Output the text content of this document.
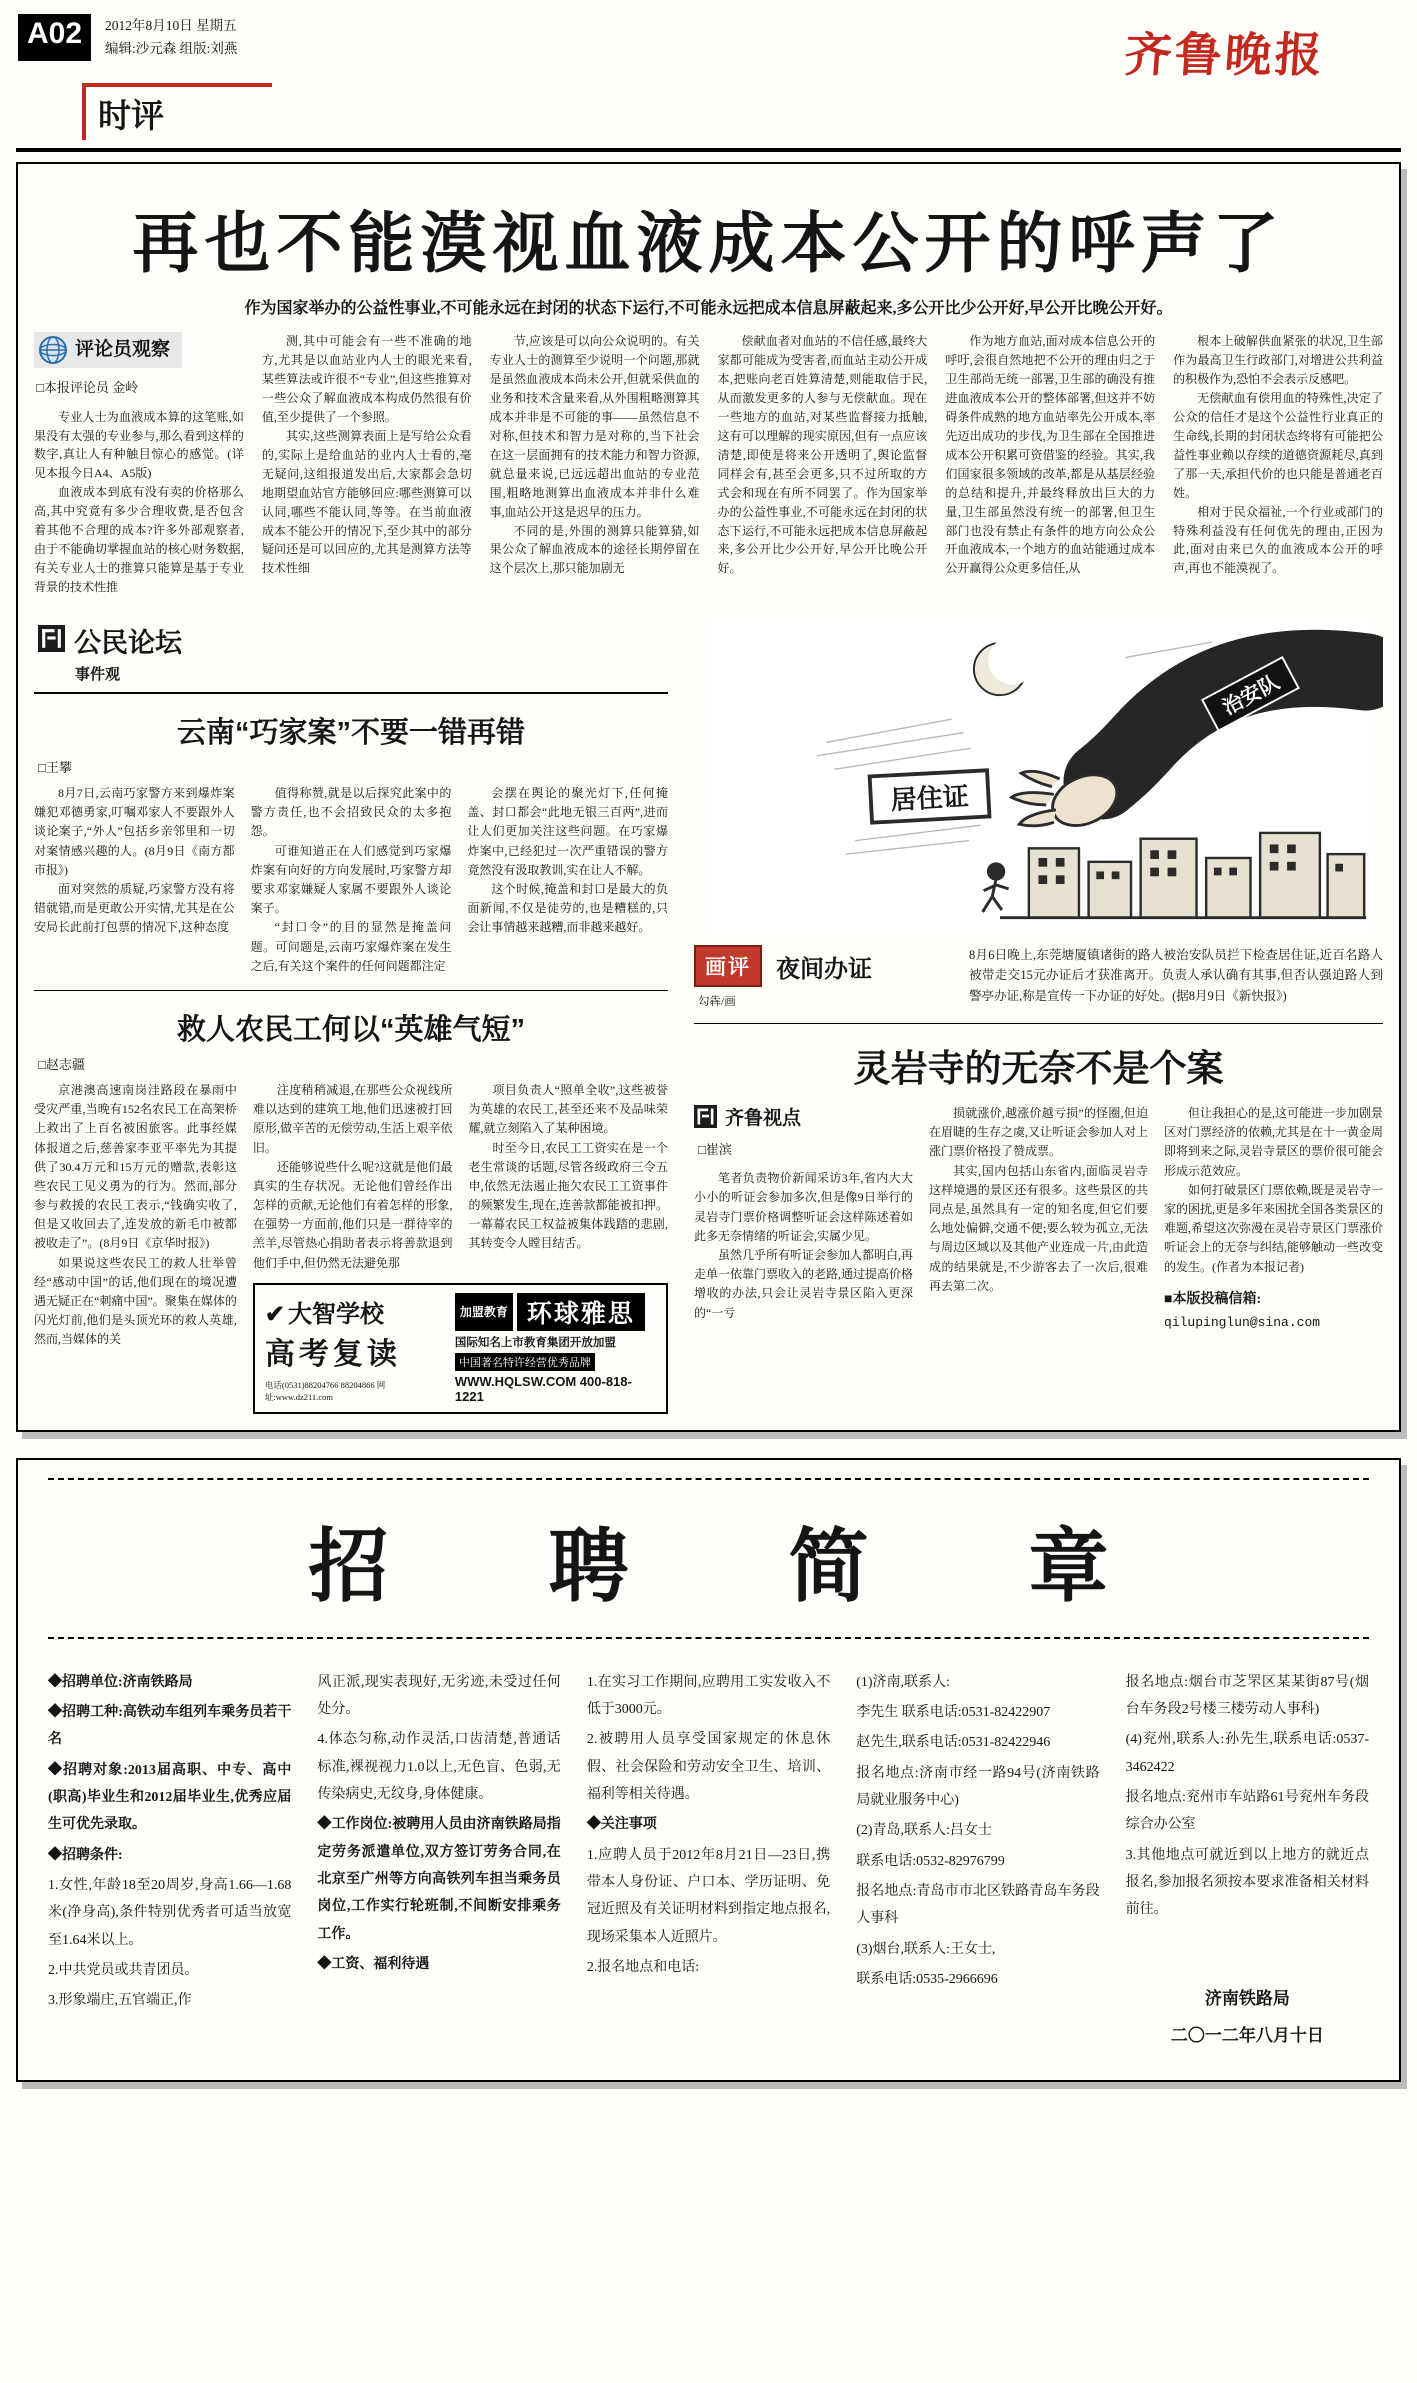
A02	2012年8月10日 星期五
编辑:沙元森 组版:刘燕	齐鲁晚报
时评
再也不能漠视血液成本公开的呼声了

作为国家举办的公益性事业,不可能永远在封闭的状态下运行,不可能永远把成本信息屏蔽起来,多公开比少公开好,早公开比晚公开好。

评论员观察
□本报评论员 金岭

专业人士为血液成本算的这笔账,如果没有太强的专业参与,那么看到这样的数字,真让人有种触目惊心的感觉。(详见本报今日A4、A5版)

血液成本到底有没有卖的价格那么高,其中究竟有多少合理收费,是否包含着其他不合理的成本?许多外部观察者,由于不能确切掌握血站的核心财务数据,有关专业人士的推算只能算是基于专业背景的技术性推

测,其中可能会有一些不准确的地方,尤其是以血站业内人士的眼光来看,某些算法或许很不“专业”,但这些推算对一些公众了解血液成本构成仍然很有价值,至少提供了一个参照。

其实,这些测算表面上是写给公众看的,实际上是给血站的业内人士看的,毫无疑问,这组报道发出后,大家都会急切地期望血站官方能够回应:哪些测算可以认同,哪些不能认同,等等。在当前血液成本不能公开的情况下,至少其中的部分疑问还是可以回应的,尤其是测算方法等技术性细

节,应该是可以向公众说明的。有关专业人士的测算至少说明一个问题,那就是虽然血液成本尚未公开,但就采供血的业务和技术含量来看,从外围粗略测算其成本并非是不可能的事——虽然信息不对称,但技术和智力是对称的,当下社会在这一层面拥有的技术能力和智力资源,就总量来说,已远远超出血站的专业范围,粗略地测算出血液成本并非什么难事,血站公开这是迟早的压力。

不同的是,外围的测算只能算猜,如果公众了解血液成本的途径长期停留在这个层次上,那只能加剧无

偿献血者对血站的不信任感,最终大家都可能成为受害者,而血站主动公开成本,把账向老百姓算清楚,则能取信于民,从而激发更多的人参与无偿献血。现在一些地方的血站,对某些监督接力抵触,这有可以理解的现实原因,但有一点应该清楚,即使是将来公开透明了,舆论监督同样会有,甚至会更多,只不过所取的方式会和现在有所不同罢了。作为国家举办的公益性事业,不可能永远在封闭的状态下运行,不可能永远把成本信息屏蔽起来,多公开比少公开好,早公开比晚公开好。

作为地方血站,面对成本信息公开的呼吁,会很自然地把不公开的理由归之于卫生部尚无统一部署,卫生部的确没有推进血液成本公开的整体部署,但这并不妨碍条件成熟的地方血站率先公开成本,率先迈出成功的步伐,为卫生部在全国推进成本公开积累可资借鉴的经验。其实,我们国家很多领域的改革,都是从基层经验的总结和提升,并最终释放出巨大的力量,卫生部虽然没有统一的部署,但卫生部门也没有禁止有条件的地方向公众公开血液成本,一个地方的血站能通过成本公开赢得公众更多信任,从

根本上破解供血紧张的状况,卫生部作为最高卫生行政部门,对增进公共利益的积极作为,恐怕不会表示反感吧。

无偿献血有偿用血的特殊性,决定了公众的信任才是这个公益性行业真正的生命线,长期的封闭状态终将有可能把公益性事业赖以存续的道德资源耗尽,真到了那一天,承担代价的也只能是普通老百姓。

相对于民众福祉,一个行业或部门的特殊利益没有任何优先的理由,正因为此,面对由来已久的血液成本公开的呼声,再也不能漠视了。

公民论坛
事件观
云南“巧家案”不要一错再错
□王攀

8月7日,云南巧家警方来到爆炸案嫌犯邓德勇家,叮嘱邓家人不要跟外人谈论案子,“外人”包括乡亲邻里和一切对案情感兴趣的人。(8月9日《南方都市报》)

面对突然的质疑,巧家警方没有将错就错,而是更敢公开实情,尤其是在公安局长此前打包票的情况下,这种态度

值得称赞,就是以后探究此案中的警方责任,也不会招致民众的太多抱怨。

可谁知道正在人们感觉到巧家爆炸案有向好的方向发展时,巧家警方却要求邓家嫌疑人家属不要跟外人谈论案子。

“封口令”的目的显然是掩盖问题。可问题是,云南巧家爆炸案在发生之后,有关这个案件的任何问题都注定

会摆在舆论的聚光灯下,任何掩盖、封口都会“此地无银三百两”,进而让人们更加关注这些问题。在巧家爆炸案中,已经犯过一次严重错误的警方竟然没有汲取教训,实在让人不解。

这个时候,掩盖和封口是最大的负面新闻,不仅是徒劳的,也是糟糕的,只会让事情越来越糟,而非越来越好。

救人农民工何以“英雄气短”
□赵志疆

京港澳高速南岗洼路段在暴雨中受灾严重,当晚有152名农民工在高架桥上救出了上百名被困旅客。此事经媒体报道之后,慈善家李亚平率先为其提供了30.4万元和15万元的赠款,表彰这些农民工见义勇为的行为。然而,部分参与救援的农民工表示,“钱确实收了,但是又收回去了,连发放的新毛巾被都被收走了”。(8月9日《京华时报》)

如果说这些农民工的救人壮举曾经“感动中国”的话,他们现在的境况遭遇无疑正在“刺痛中国”。聚集在媒体的闪光灯前,他们是头顶光环的救人英雄,然而,当媒体的关

注度稍稍减退,在那些公众视线所难以达到的建筑工地,他们迅速被打回原形,做辛苦的无偿劳动,生活上艰辛依旧。

还能够说些什么呢?这就是他们最真实的生存状况。无论他们曾经作出怎样的贡献,无论他们有着怎样的形象,在强势一方面前,他们只是一群待宰的羔羊,尽管热心捐助者表示将善款退到他们手中,但仍然无法避免那

项目负责人“照单全收”,这些被誉为英雄的农民工,甚至还来不及品味荣耀,就立刻陷入了某种困境。

时至今日,农民工工资实在是一个老生常谈的话题,尽管各级政府三令五申,依然无法遏止拖欠农民工工资事件的频繁发生,现在,连善款都能被扣押。一幕幕农民工权益被集体践踏的悲剧,其转变令人瞠目结舌。

✔ 大智学校
高考复读
电话(0531)88204766 88204866 网址:www.dz211.com
加盟教育 环球雅思
国际知名上市教育集团开放加盟
中国著名特许经营优秀品牌
WWW.HQLSW.COM 400-818-1221
治安队
居住证
画评	夜间办证
勾犇/画

8月6日晚上,东莞塘厦镇诸街的路人被治安队员拦下检查居住证,近百名路人被带走交15元办证后才获准离开。负责人承认确有其事,但否认强迫路人到警亭办证,称是宣传一下办证的好处。(据8月9日《新快报》)

灵岩寺的无奈不是个案
齐鲁视点
□崔滨

笔者负责物价新闻采访3年,省内大大小小的听证会参加多次,但是像9日举行的灵岩寺门票价格调整听证会这样陈述着如此多无奈情绪的听证会,实属少见。

虽然几乎所有听证会参加人都明白,再走单一依靠门票收入的老路,通过提高价格增收的办法,只会让灵岩寺景区陷入更深的“一亏

损就涨价,越涨价越亏损”的怪圈,但迫在眉睫的生存之虞,又让听证会参加人对上涨门票价格投了赞成票。

其实,国内包括山东省内,面临灵岩寺这样境遇的景区还有很多。这些景区的共同点是,虽然具有一定的知名度,但它们要么地处偏僻,交通不便;要么较为孤立,无法与周边区域以及其他产业连成一片,由此造成的结果就是,不少游客去了一次后,很难再去第二次。

但让我担心的是,这可能进一步加剧景区对门票经济的依赖,尤其是在十一黄金周即将到来之际,灵岩寺景区的票价很可能会形成示范效应。

如何打破景区门票依赖,既是灵岩寺一家的困扰,更是多年来困扰全国各类景区的难题,希望这次弥漫在灵岩寺景区门票涨价听证会上的无奈与纠结,能够触动一些改变的发生。(作者为本报记者)

■本版投稿信箱:
qilupinglun@sina.com
招 聘 简 章

◆招聘单位:济南铁路局

◆招聘工种:高铁动车组列车乘务员若干名

◆招聘对象:2013届高职、中专、高中(职高)毕业生和2012届毕业生,优秀应届生可优先录取。

◆招聘条件:

1.女性,年龄18至20周岁,身高1.66—1.68米(净身高),条件特别优秀者可适当放宽至1.64米以上。

2.中共党员或共青团员。

3.形象端庄,五官端正,作

风正派,现实表现好,无劣迹,未受过任何处分。

4.体态匀称,动作灵活,口齿清楚,普通话标准,裸视视力1.0以上,无色盲、色弱,无传染病史,无纹身,身体健康。

◆工作岗位:被聘用人员由济南铁路局指定劳务派遣单位,双方签订劳务合同,在北京至广州等方向高铁列车担当乘务员岗位,工作实行轮班制,不间断安排乘务工作。

◆工资、福利待遇

1.在实习工作期间,应聘用工实发收入不低于3000元。

2.被聘用人员享受国家规定的休息休假、社会保险和劳动安全卫生、培训、福利等相关待遇。

◆关注事项

1.应聘人员于2012年8月21日—23日,携带本人身份证、户口本、学历证明、免冠近照及有关证明材料到指定地点报名,现场采集本人近照片。

2.报名地点和电话:

(1)济南,联系人:

李先生 联系电话:0531-82422907

赵先生,联系电话:0531-82422946

报名地点:济南市经一路94号(济南铁路局就业服务中心)

(2)青岛,联系人:吕女士

联系电话:0532-82976799

报名地点:青岛市市北区铁路青岛车务段人事科

(3)烟台,联系人:王女士,

联系电话:0535-2966696

报名地点:烟台市芝罘区某某街87号(烟台车务段2号楼三楼劳动人事科)

(4)兖州,联系人:孙先生,联系电话:0537-3462422

报名地点:兖州市车站路61号兖州车务段综合办公室

3.其他地点可就近到以上地方的就近点报名,参加报名须按本要求准备相关材料前往。

济南铁路局
二〇一二年八月十日
